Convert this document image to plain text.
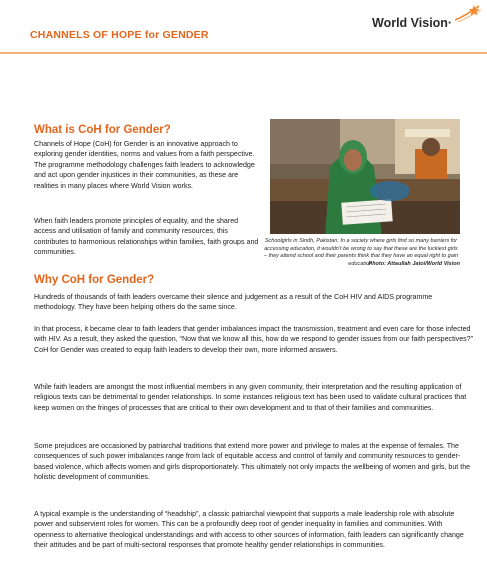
CHANNELS OF HOPE for GENDER
World Vision·
What is CoH for Gender?

Channels of Hope (CoH) for Gender is an innovative approach to exploring gender identities, norms and values from a faith perspective. The programme methodology challenges faith leaders to acknowledge and act upon gender injustices in their communities, as these are realities in many places where World Vision works.

When faith leaders promote principles of equality, and the shared access and utilisation of family and community resources, this contributes to harmonious relationships within families, faith groups and communities.

Schoolgirls in Sindh, Pakistan. In a society where girls find so many barriers for accessing education, it wouldn’t be wrong to say that these are the luckiest girls – they attend school and their parents think that they have an equal right to gain education.

Photo: Attaullah Jatoi/World Vision

Why CoH for Gender?

Hundreds of thousands of faith leaders overcame their silence and judgement as a result of the CoH HIV and AIDS programme methodology. They have been helping others do the same since.

In that process, it became clear to faith leaders that gender imbalances impact the transmission, treatment and even care for those infected with HIV. As a result, they asked the question, “Now that we know all this, how do we respond to gender issues from our faith perspectives?” CoH for Gender was created to equip faith leaders to develop their own, more informed answers.

While faith leaders are amongst the most influential members in any given community, their interpretation and the resulting application of religious texts can be detrimental to gender relationships. In some instances religious text has been used to validate cultural practices that keep women on the fringes of processes that are critical to their own development and to that of their families and communities.

Some prejudices are occasioned by patriarchal traditions that extend more power and privilege to males at the expense of females. The consequences of such power imbalances range from lack of equitable access and control of family and community resources to gender-based violence, which affects women and girls disproportionately. This ultimately not only impacts the wellbeing of women and girls, but the holistic development of communities.

A typical example is the understanding of “headship”, a classic patriarchal viewpoint that supports a male leadership role with absolute power and subservient roles for women. This can be a profoundly deep root of gender inequality in families and communities. With openness to alternative theological understandings and with access to other sources of information, faith leaders can significantly change their attitudes and be part of multi-sectoral responses that promote healthy gender relationships in communities.
